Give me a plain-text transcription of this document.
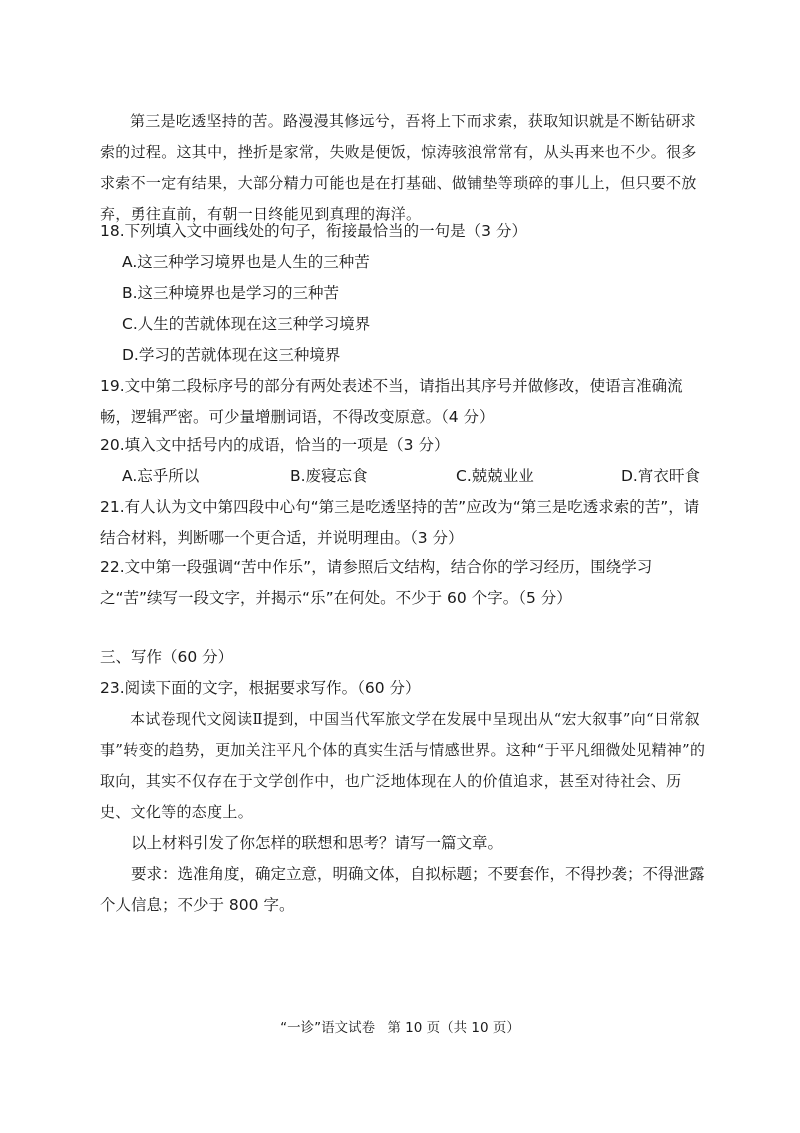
第三是吃透坚持的苦。路漫漫其修远兮，吾将上下而求索，获取知识就是不断钻研求索的过程。这其中，挫折是家常，失败是便饭，惊涛骇浪常常有，从头再来也不少。很多求索不一定有结果，大部分精力可能也是在打基础、做铺垫等琐碎的事儿上，但只要不放弃，勇往直前，有朝一日终能见到真理的海洋。

18.下列填入文中画线处的句子，衔接最恰当的一句是（3 分）

A.这三种学习境界也是人生的三种苦

B.这三种境界也是学习的三种苦

C.人生的苦就体现在这三种学习境界

D.学习的苦就体现在这三种境界

19.文中第二段标序号的部分有两处表述不当，请指出其序号并做修改，使语言准确流畅，逻辑严密。可少量增删词语，不得改变原意。（4 分）

20.填入文中括号内的成语，恰当的一项是（3 分）

A.忘乎所以	B.废寝忘食	C.兢兢业业	D.宵衣旰食

21.有人认为文中第四段中心句“第三是吃透坚持的苦”应改为“第三是吃透求索的苦”，请结合材料，判断哪一个更合适，并说明理由。（3 分）

22.文中第一段强调“苦中作乐”，请参照后文结构，结合你的学习经历，围绕学习之“苦”续写一段文字，并揭示“乐”在何处。不少于 60 个字。（5 分）

三、写作（60 分）

23.阅读下面的文字，根据要求写作。（60 分）

本试卷现代文阅读Ⅱ提到，中国当代军旅文学在发展中呈现出从“宏大叙事”向“日常叙事”转变的趋势，更加关注平凡个体的真实生活与情感世界。这种“于平凡细微处见精神”的取向，其实不仅存在于文学创作中，也广泛地体现在人的价值追求，甚至对待社会、历史、文化等的态度上。

以上材料引发了你怎样的联想和思考？请写一篇文章。

要求：选准角度，确定立意，明确文体，自拟标题；不要套作，不得抄袭；不得泄露个人信息；不少于 800 字。

“一诊”语文试卷 第 10 页（共 10 页）
